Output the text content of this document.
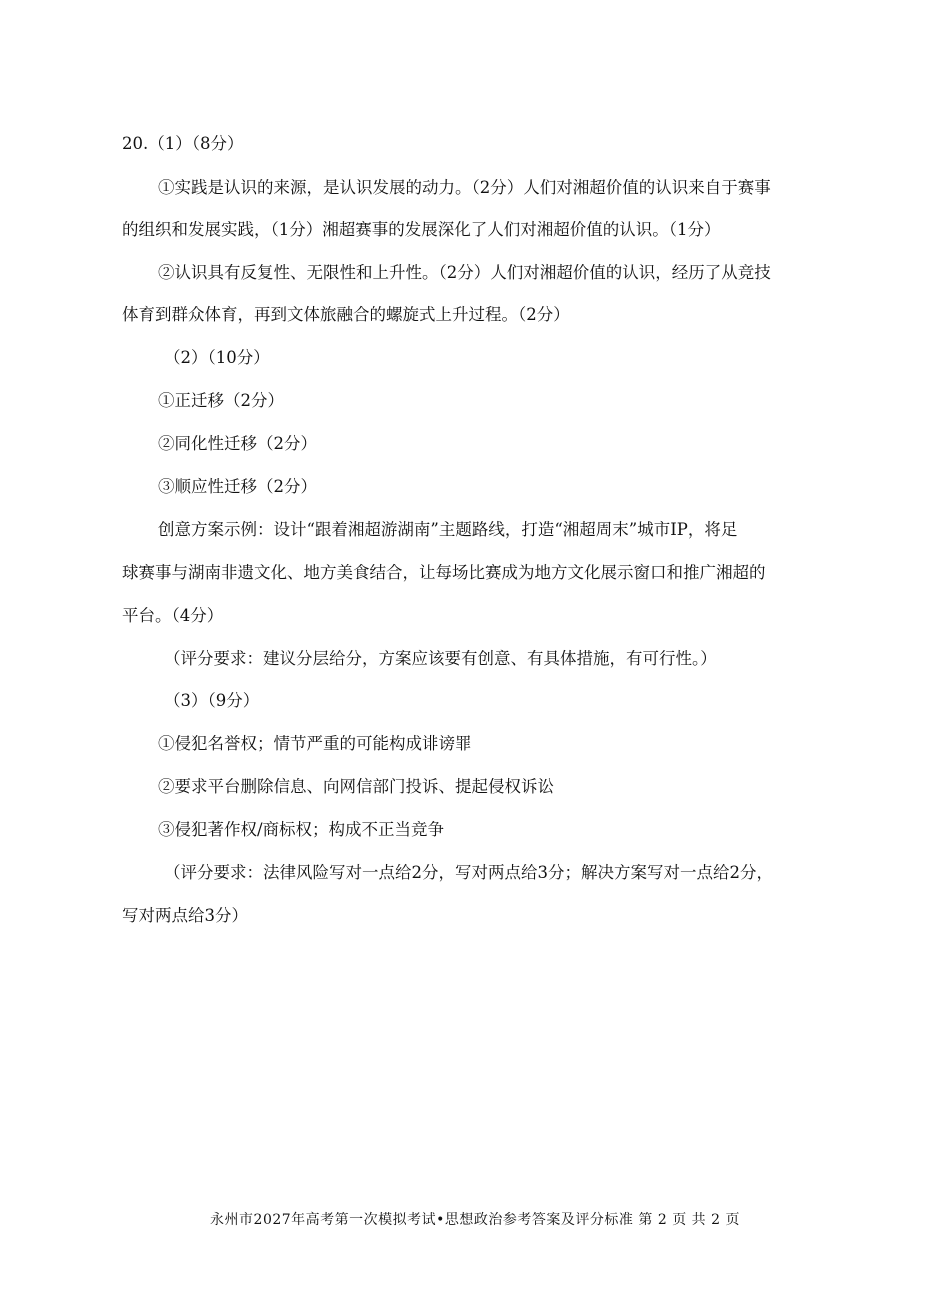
20.（1）（8分）
①实践是认识的来源，是认识发展的动力。（2分）人们对湘超价值的认识来自于赛事
的组织和发展实践，（1分）湘超赛事的发展深化了人们对湘超价值的认识。（1分）
②认识具有反复性、无限性和上升性。（2分）人们对湘超价值的认识，经历了从竞技
体育到群众体育，再到文体旅融合的螺旋式上升过程。（2分）
（2）（10分）
①正迁移（2分）
②同化性迁移（2分）
③顺应性迁移（2分）
创意方案示例：设计“跟着湘超游湖南”主题路线，打造“湘超周末”城市IP，将足
球赛事与湖南非遗文化、地方美食结合，让每场比赛成为地方文化展示窗口和推广湘超的
平台。（4分）
（评分要求：建议分层给分，方案应该要有创意、有具体措施，有可行性。）
（3）（9分）
①侵犯名誉权；情节严重的可能构成诽谤罪
②要求平台删除信息、向网信部门投诉、提起侵权诉讼
③侵犯著作权/商标权；构成不正当竞争
（评分要求：法律风险写对一点给2分，写对两点给3分；解决方案写对一点给2分，
写对两点给3分）
永州市2027年高考第一次模拟考试•思想政治参考答案及评分标准 第 2 页 共 2 页
